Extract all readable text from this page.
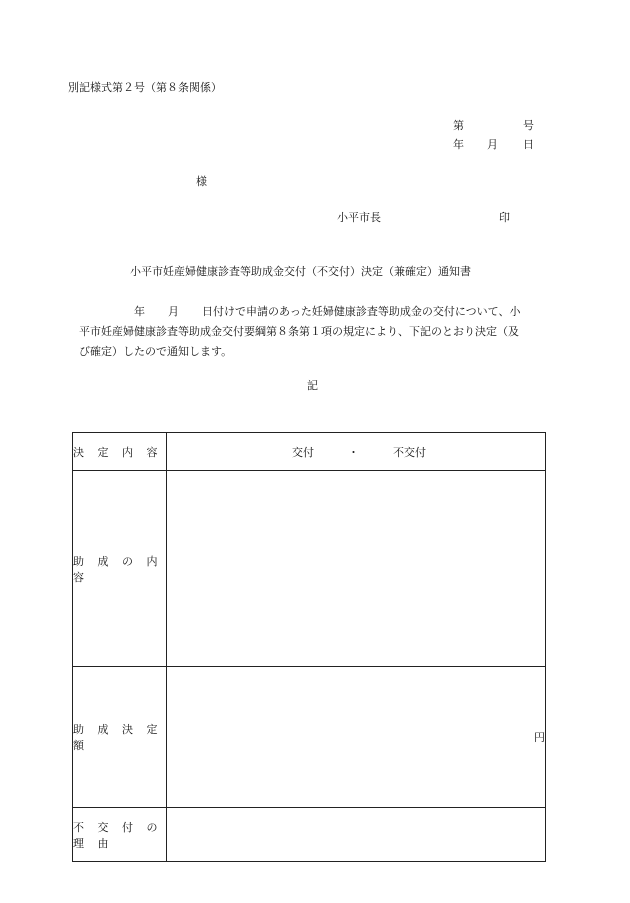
別記様式第２号（第８条関係）
第	号
年 月 日
様
小平市長	印
小平市妊産婦健康診査等助成金交付（不交付）決定（兼確定）通知書

年 月 日付けで申請のあった妊婦健康診査等助成金の交付について、小

平市妊産婦健康診査等助成金交付要綱第８条第１項の規定により、下記のとおり決定（及

び確定）したので通知します。

記
決 定 内 容	交付 ・ 不交付

助 成 の 内 容	
助 成 決 定 額	円
不 交 付 の 理 由	
